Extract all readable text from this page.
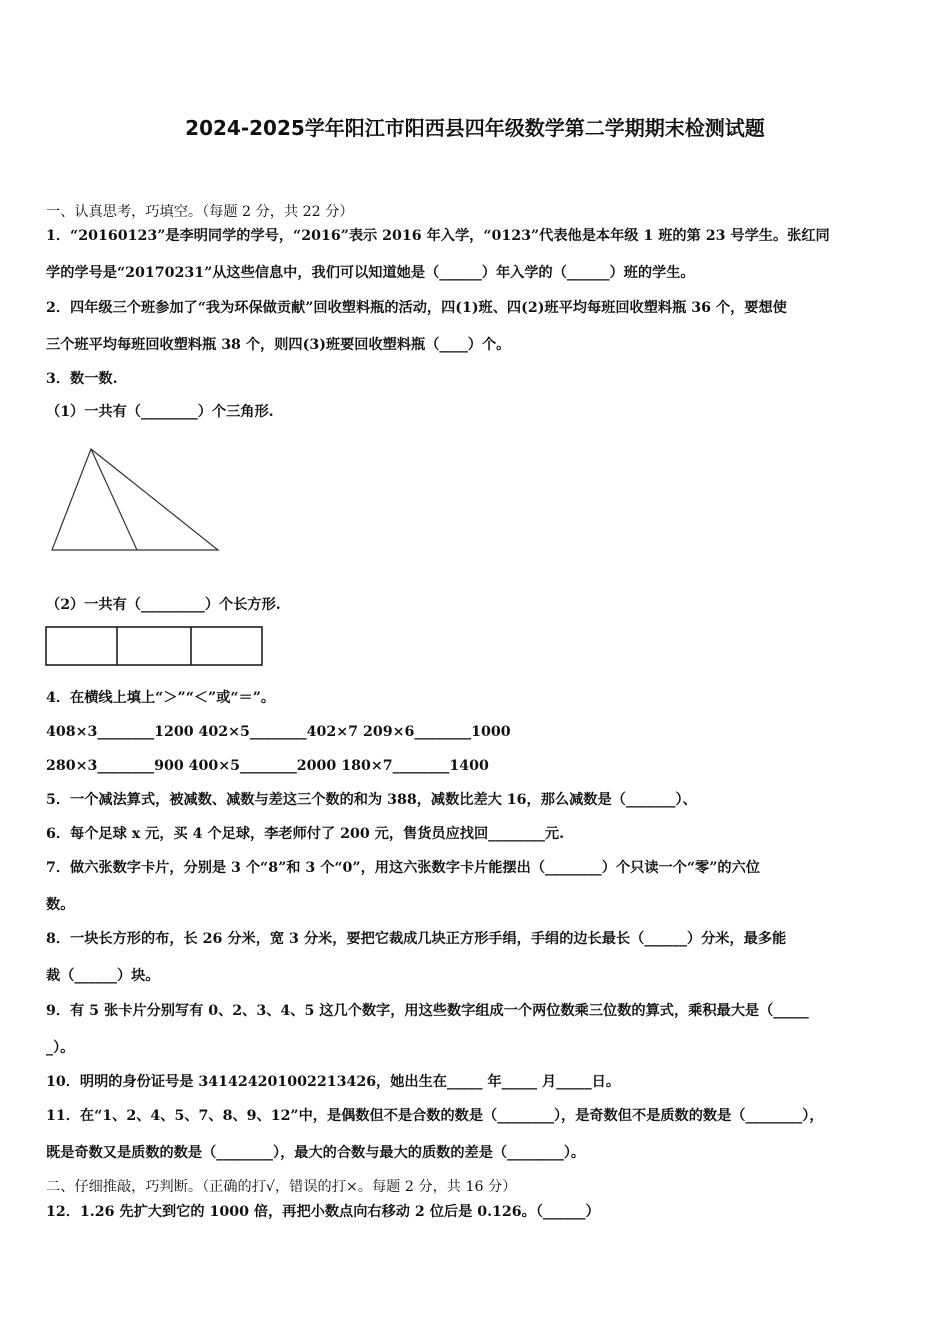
2024-2025学年阳江市阳西县四年级数学第二学期期末检测试题
一、认真思考，巧填空。（每题 2 分，共 22 分）
1．“20160123”是李明同学的学号，“2016”表示 2016 年入学，“0123”代表他是本年级 1 班的第 23 号学生。张红同
学的学号是“20170231”从这些信息中，我们可以知道她是（______）年入学的（______）班的学生。
2．四年级三个班参加了“我为环保做贡献”回收塑料瓶的活动，四(1)班、四(2)班平均每班回收塑料瓶 36 个，要想使
三个班平均每班回收塑料瓶 38 个，则四(3)班要回收塑料瓶（____）个。
3．数一数.
（1）一共有（________）个三角形.
（2）一共有（_________）个长方形.
4．在横线上填上“＞”“＜”或“＝”。
408×3________1200 402×5________402×7 209×6________1000
280×3________900 400×5________2000 180×7________1400
5．一个减法算式，被减数、减数与差这三个数的和为 388，减数比差大 16，那么减数是（_______）、
6．每个足球 x 元，买 4 个足球，李老师付了 200 元，售货员应找回________元.
7．做六张数字卡片，分别是 3 个“8”和 3 个“0”，用这六张数字卡片能摆出（________）个只读一个“零”的六位
数。
8．一块长方形的布，长 26 分米，宽 3 分米，要把它裁成几块正方形手绢，手绢的边长最长（______）分米，最多能
裁（______）块。
9．有 5 张卡片分别写有 0、2、3、4、5 这几个数字，用这些数字组成一个两位数乘三位数的算式，乘积最大是（_____
_）。
10．明明的身份证号是 341424201002213426，她出生在_____ 年_____ 月_____日。
11．在“1、2、4、5、7、8、9、12”中，是偶数但不是合数的数是（________），是奇数但不是质数的数是（________），
既是奇数又是质数的数是（________），最大的合数与最大的质数的差是（________）。
二、仔细推敲，巧判断。（正确的打√，错误的打×。每题 2 分，共 16 分）
12．1.26 先扩大到它的 1000 倍，再把小数点向右移动 2 位后是 0.126。（______）
